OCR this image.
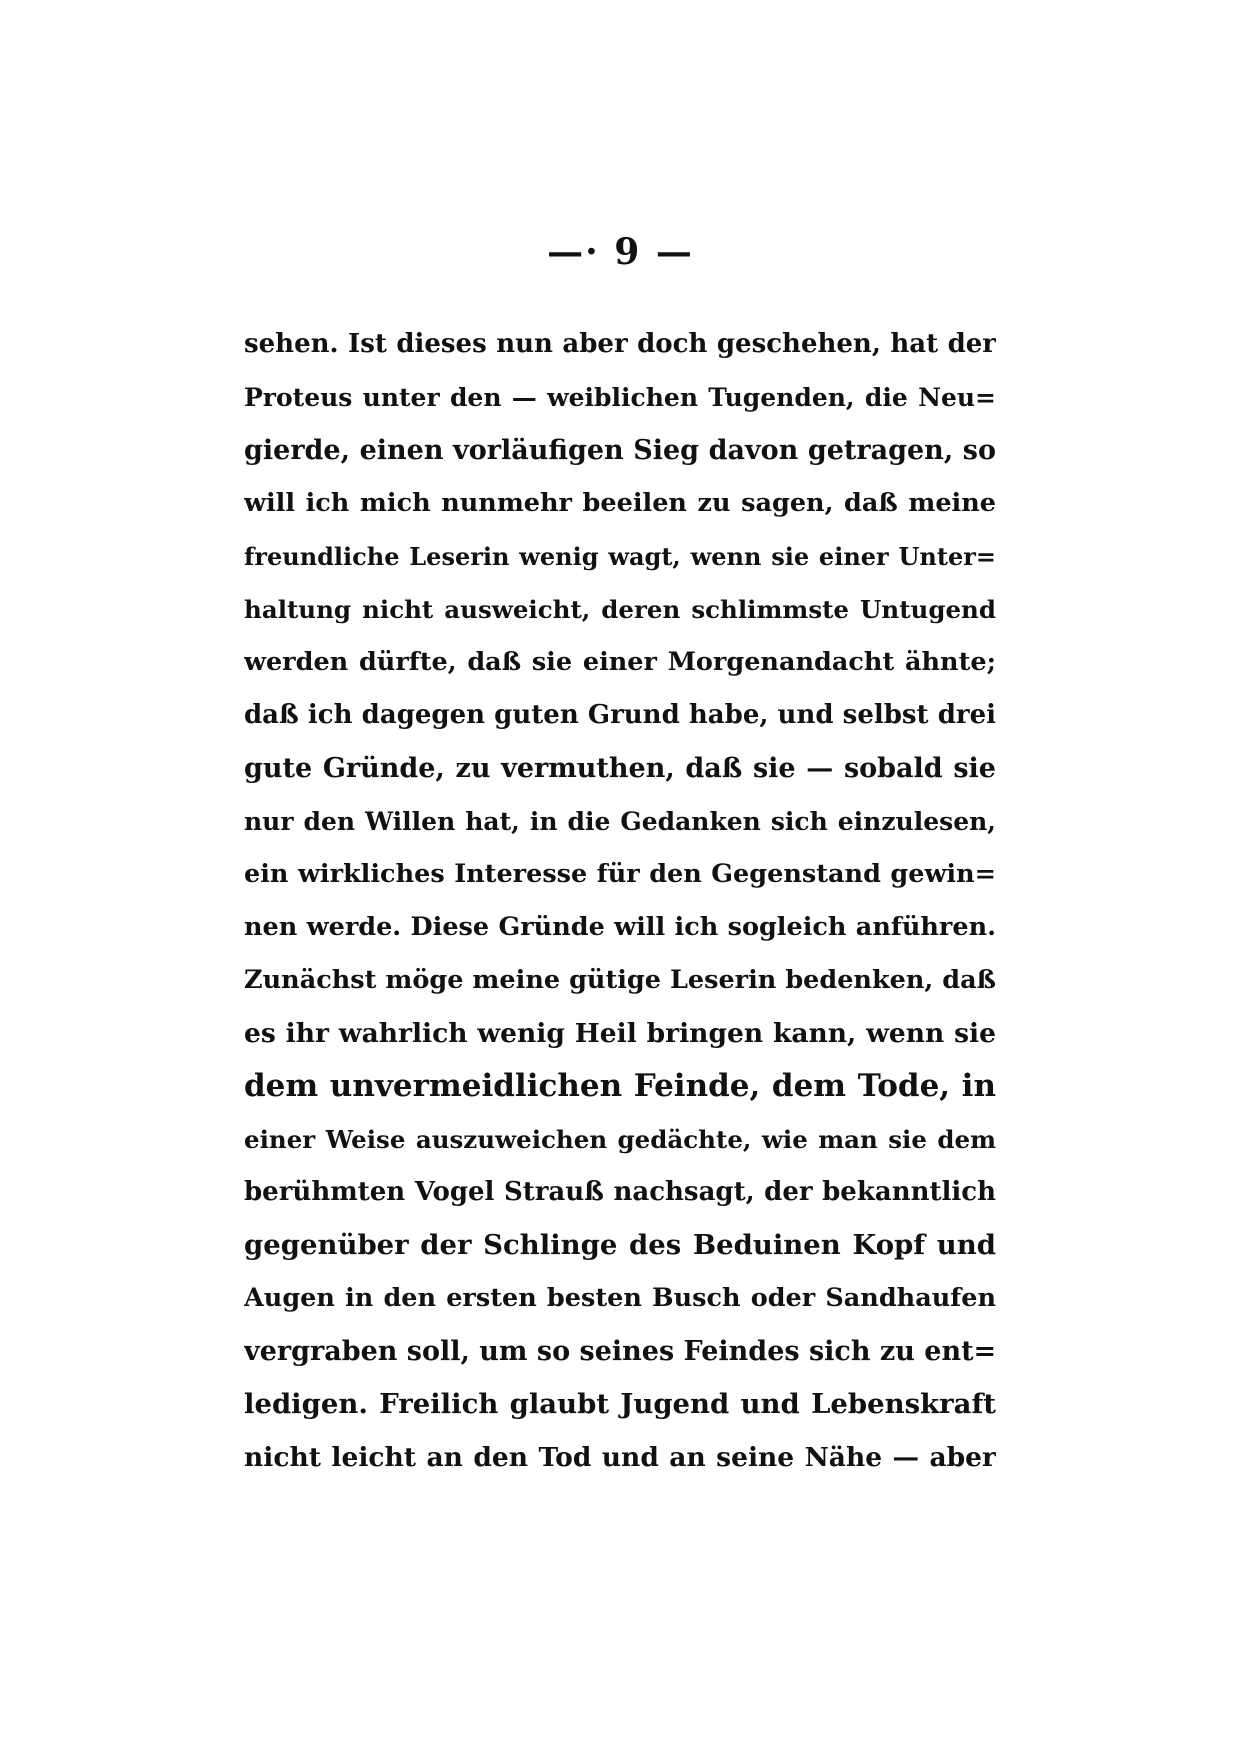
—· 9 —
sehen. Ist dieses nun aber doch geschehen, hat der
Proteus unter den — weiblichen Tugenden, die Neu=
gierde, einen vorläufigen Sieg davon getragen, so
will ich mich nunmehr beeilen zu sagen, daß meine
freundliche Leserin wenig wagt, wenn sie einer Unter=
haltung nicht ausweicht, deren schlimmste Untugend
werden dürfte, daß sie einer Morgenandacht ähnte;
daß ich dagegen guten Grund habe, und selbst drei
gute Gründe, zu vermuthen, daß sie — sobald sie
nur den Willen hat, in die Gedanken sich einzulesen,
ein wirkliches Interesse für den Gegenstand gewin=
nen werde. Diese Gründe will ich sogleich anführen.
Zunächst möge meine gütige Leserin bedenken, daß
es ihr wahrlich wenig Heil bringen kann, wenn sie
dem unvermeidlichen Feinde, dem Tode, in
einer Weise auszuweichen gedächte, wie man sie dem
berühmten Vogel Strauß nachsagt, der bekanntlich
gegenüber der Schlinge des Beduinen Kopf und
Augen in den ersten besten Busch oder Sandhaufen
vergraben soll, um so seines Feindes sich zu ent=
ledigen. Freilich glaubt Jugend und Lebenskraft
nicht leicht an den Tod und an seine Nähe — aber
